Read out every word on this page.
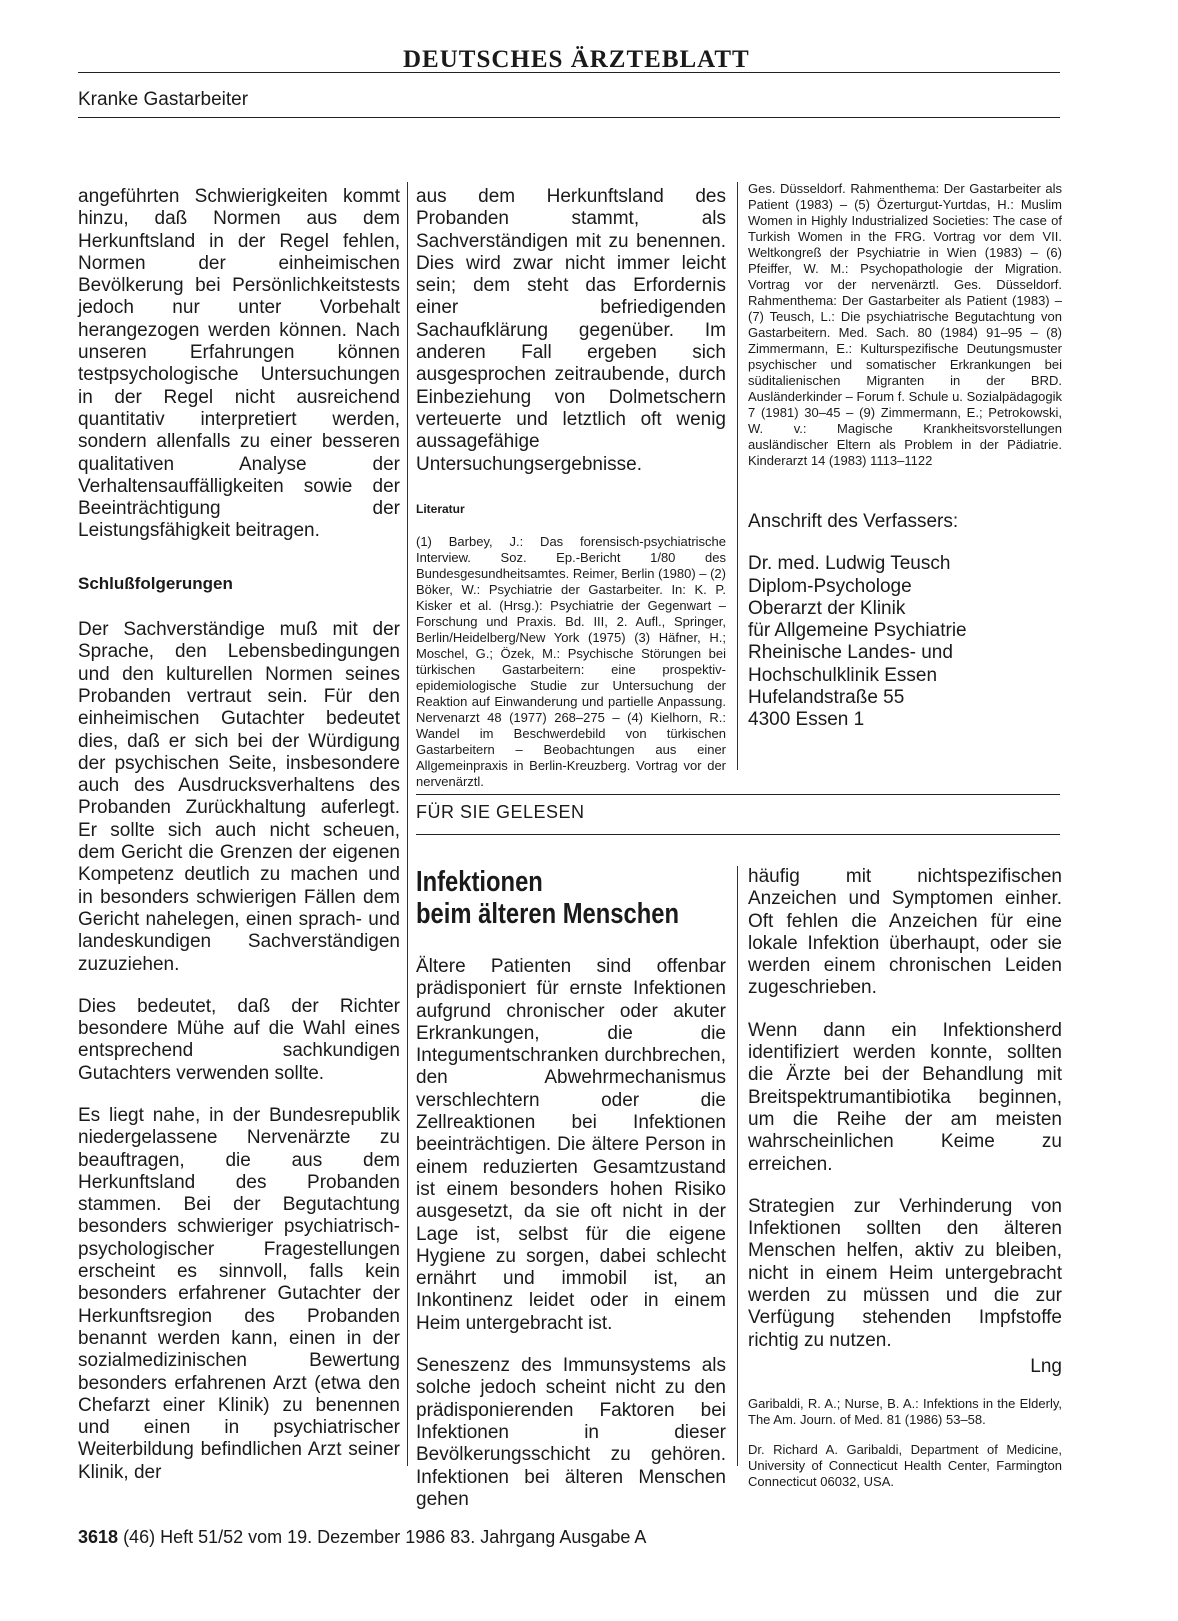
DEUTSCHES ÄRZTEBLATT
Kranke Gastarbeiter

angeführten Schwierigkeiten kommt hinzu, daß Normen aus dem Herkunftsland in der Regel fehlen, Normen der einheimischen Bevölkerung bei Persönlichkeitstests jedoch nur unter Vorbehalt herangezogen werden können. Nach unseren Erfahrungen können testpsychologische Untersuchungen in der Regel nicht ausreichend quantitativ interpretiert werden, sondern allenfalls zu einer besseren qualitativen Analyse der Verhaltensauffälligkeiten sowie der Beeinträchtigung der Leistungsfähigkeit beitragen.

Schlußfolgerungen

Der Sachverständige muß mit der Sprache, den Lebensbedingungen und den kulturellen Normen seines Probanden vertraut sein. Für den einheimischen Gutachter bedeutet dies, daß er sich bei der Würdigung der psychischen Seite, insbesondere auch des Ausdrucksverhaltens des Probanden Zurückhaltung auferlegt. Er sollte sich auch nicht scheuen, dem Gericht die Grenzen der eigenen Kompetenz deutlich zu machen und in besonders schwierigen Fällen dem Gericht nahelegen, einen sprach- und landeskundigen Sachverständigen zuzuziehen.

Dies bedeutet, daß der Richter besondere Mühe auf die Wahl eines entsprechend sachkundigen Gutachters verwenden sollte.

Es liegt nahe, in der Bundesrepublik niedergelassene Nervenärzte zu beauftragen, die aus dem Herkunftsland des Probanden stammen. Bei der Begutachtung besonders schwieriger psychiatrisch-psychologischer Fragestellungen erscheint es sinnvoll, falls kein besonders erfahrener Gutachter der Herkunftsregion des Probanden benannt werden kann, einen in der sozialmedizinischen Bewertung besonders erfahrenen Arzt (etwa den Chefarzt einer Klinik) zu benennen und einen in psychiatrischer Weiterbildung befindlichen Arzt seiner Klinik, der

aus dem Herkunftsland des Probanden stammt, als Sachverständigen mit zu benennen. Dies wird zwar nicht immer leicht sein; dem steht das Erfordernis einer befriedigenden Sachaufklärung gegenüber. Im anderen Fall ergeben sich ausgesprochen zeitraubende, durch Einbeziehung von Dolmetschern verteuerte und letztlich oft wenig aussagefähige Untersuchungsergebnisse.

Literatur
(1) Barbey, J.: Das forensisch-psychiatrische Interview. Soz. Ep.-Bericht 1/80 des Bundesgesundheitsamtes. Reimer, Berlin (1980) – (2) Böker, W.: Psychiatrie der Gastarbeiter. In: K. P. Kisker et al. (Hrsg.): Psychiatrie der Gegenwart – Forschung und Praxis. Bd. III, 2. Aufl., Springer, Berlin/Heidelberg/New York (1975) (3) Häfner, H.; Moschel, G.; Özek, M.: Psychische Störungen bei türkischen Gastarbeitern: eine prospektiv-epidemiologische Studie zur Untersuchung der Reaktion auf Einwanderung und partielle Anpassung. Nervenarzt 48 (1977) 268–275 – (4) Kielhorn, R.: Wandel im Beschwerdebild von türkischen Gastarbeitern – Beobachtungen aus einer Allgemeinpraxis in Berlin-Kreuzberg. Vortrag vor der nervenärztl.
Ges. Düsseldorf. Rahmenthema: Der Gastarbeiter als Patient (1983) – (5) Özerturgut-Yurtdas, H.: Muslim Women in Highly Industrialized Societies: The case of Turkish Women in the FRG. Vortrag vor dem VII. Weltkongreß der Psychiatrie in Wien (1983) – (6) Pfeiffer, W. M.: Psychopathologie der Migration. Vortrag vor der nervenärztl. Ges. Düsseldorf. Rahmenthema: Der Gastarbeiter als Patient (1983) – (7) Teusch, L.: Die psychiatrische Begutachtung von Gastarbeitern. Med. Sach. 80 (1984) 91–95 – (8) Zimmermann, E.: Kulturspezifische Deutungsmuster psychischer und somatischer Erkrankungen bei süditalienischen Migranten in der BRD. Ausländerkinder – Forum f. Schule u. Sozialpädagogik 7 (1981) 30–45 – (9) Zimmermann, E.; Petrokowski, W. v.: Magische Krankheitsvorstellungen ausländischer Eltern als Problem in der Pädiatrie. Kinderarzt 14 (1983) 1113–1122
Anschrift des Verfassers:
Dr. med. Ludwig Teusch
Diplom-Psychologe
Oberarzt der Klinik
für Allgemeine Psychiatrie
Rheinische Landes- und
Hochschulklinik Essen
Hufelandstraße 55
4300 Essen 1
FÜR SIE GELESEN
Infektionen
beim älteren Menschen

Ältere Patienten sind offenbar prädisponiert für ernste Infektionen aufgrund chronischer oder akuter Erkrankungen, die die Integumentschranken durchbrechen, den Abwehrmechanismus verschlechtern oder die Zellreaktionen bei Infektionen beeinträchtigen. Die ältere Person in einem reduzierten Gesamtzustand ist einem besonders hohen Risiko ausgesetzt, da sie oft nicht in der Lage ist, selbst für die eigene Hygiene zu sorgen, dabei schlecht ernährt und immobil ist, an Inkontinenz leidet oder in einem Heim untergebracht ist.

Seneszenz des Immunsystems als solche jedoch scheint nicht zu den prädisponierenden Faktoren bei Infektionen in dieser Bevölkerungsschicht zu gehören. Infektionen bei älteren Menschen gehen

häufig mit nichtspezifischen Anzeichen und Symptomen einher. Oft fehlen die Anzeichen für eine lokale Infektion überhaupt, oder sie werden einem chronischen Leiden zugeschrieben.

Wenn dann ein Infektionsherd identifiziert werden konnte, sollten die Ärzte bei der Behandlung mit Breitspektrumantibiotika beginnen, um die Reihe der am meisten wahrscheinlichen Keime zu erreichen.

Strategien zur Verhinderung von Infektionen sollten den älteren Menschen helfen, aktiv zu bleiben, nicht in einem Heim untergebracht werden zu müssen und die zur Verfügung stehenden Impfstoffe richtig zu nutzen.

Lng
Garibaldi, R. A.; Nurse, B. A.: Infektions in the Elderly, The Am. Journ. of Med. 81 (1986) 53–58.
Dr. Richard A. Garibaldi, Department of Medicine, University of Connecticut Health Center, Farmington Connecticut 06032, USA.
3618 (46) Heft 51/52 vom 19. Dezember 1986 83. Jahrgang Ausgabe A
